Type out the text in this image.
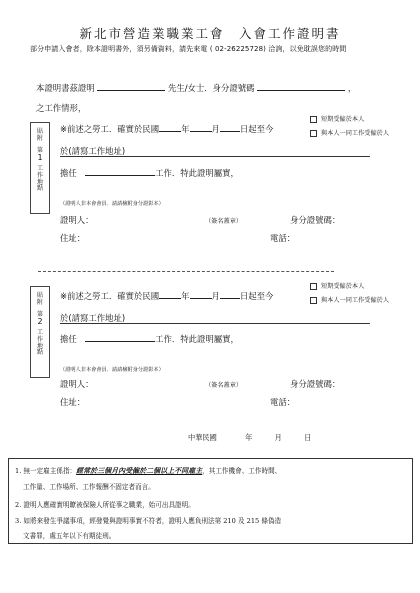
新北市營造業職業工會　入會工作證明書
部分申請入會者，除本證明書外，須另備資料，請先來電 ( 02-26225728) 洽詢，以免耽誤您的時間
本證明書茲證明	先生/女士．身分證號碼	，
之工作情形，
貼
附
第
1
工
作
地
點
短期受僱於本人
與本人一同工作受僱於人
※前述之勞工．確實於民國	年	月 日起至今
於(請寫工作地址)
擔任　	工作．特此證明屬實，
（證明人非本會會員．請請檢附身分證影本）
證明人：	（簽名蓋章）	身分證號碼：
住址：	電話：
貼
附
第
2
工
作
地
點
短期受僱於本人
與本人一同工作受僱於人
※前述之勞工．確實於民國	年	月 日起至今
於(請寫工作地址)
擔任　	工作．特此證明屬實，
（證明人非本會會員．請請檢附身分證影本）
證明人：	（簽名蓋章）	身分證號碼：
住址：	電話：
中華民國	年	月	日
1. 無一定雇主係指：經常於三個月內受僱於二個以上不同雇主，其工作機會、工作時間、
工作量、工作場所、工作報酬不固定者而言。
2. 證明人應確實明瞭被保險人所從事之職業，始可出具證明。
3. 如將來發生爭議事項，經發覺與證明事實不符者，證明人應負刑法第 210 及 215 條偽造
文書罪，處五年以下有期徒刑。
